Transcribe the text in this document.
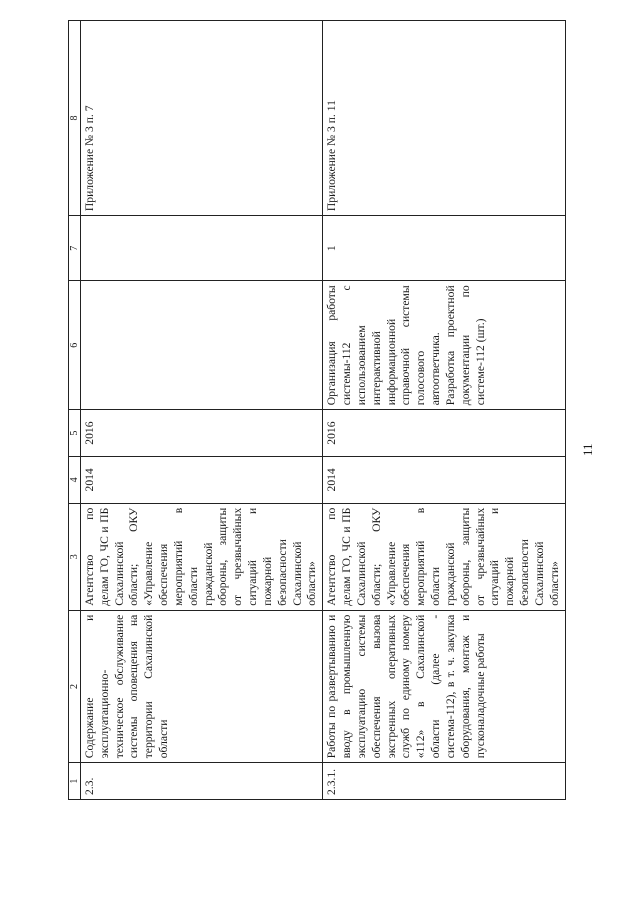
11
1	2	3	4	5	6	7	8
2.3.	Содержание и эксплуатационно-техническое обслуживание системы оповещения на территории Сахалинской области	Агентство по делам ГО, ЧС и ПБ Сахалинской области; ОКУ «Управление обеспечения мероприятий в области гражданской обороны, защиты от чрезвычайных ситуаций и пожарной безопасности Сахалинской области»	2014	2016			Приложение № 3 п. 7
2.3.1.	Работы по развертыванию и вводу в промышленную эксплуатацию системы обеспечения вызова экстренных оперативных служб по единому номеру «112» в Сахалинской области (далее - система-112), в т. ч. закупка оборудования, монтаж и пусконаладочные работы	Агентство по делам ГО, ЧС и ПБ Сахалинской области; ОКУ «Управление обеспечения мероприятий в области гражданской обороны, защиты от чрезвычайных ситуаций и пожарной безопасности Сахалинской области»	2014	2016	Организация работы системы-112 с использованием интерактивной информационной справочной системы голосового автоответчика. Разработка проектной документации по системе-112 (шт.)	1	Приложение № 3 п. 11
